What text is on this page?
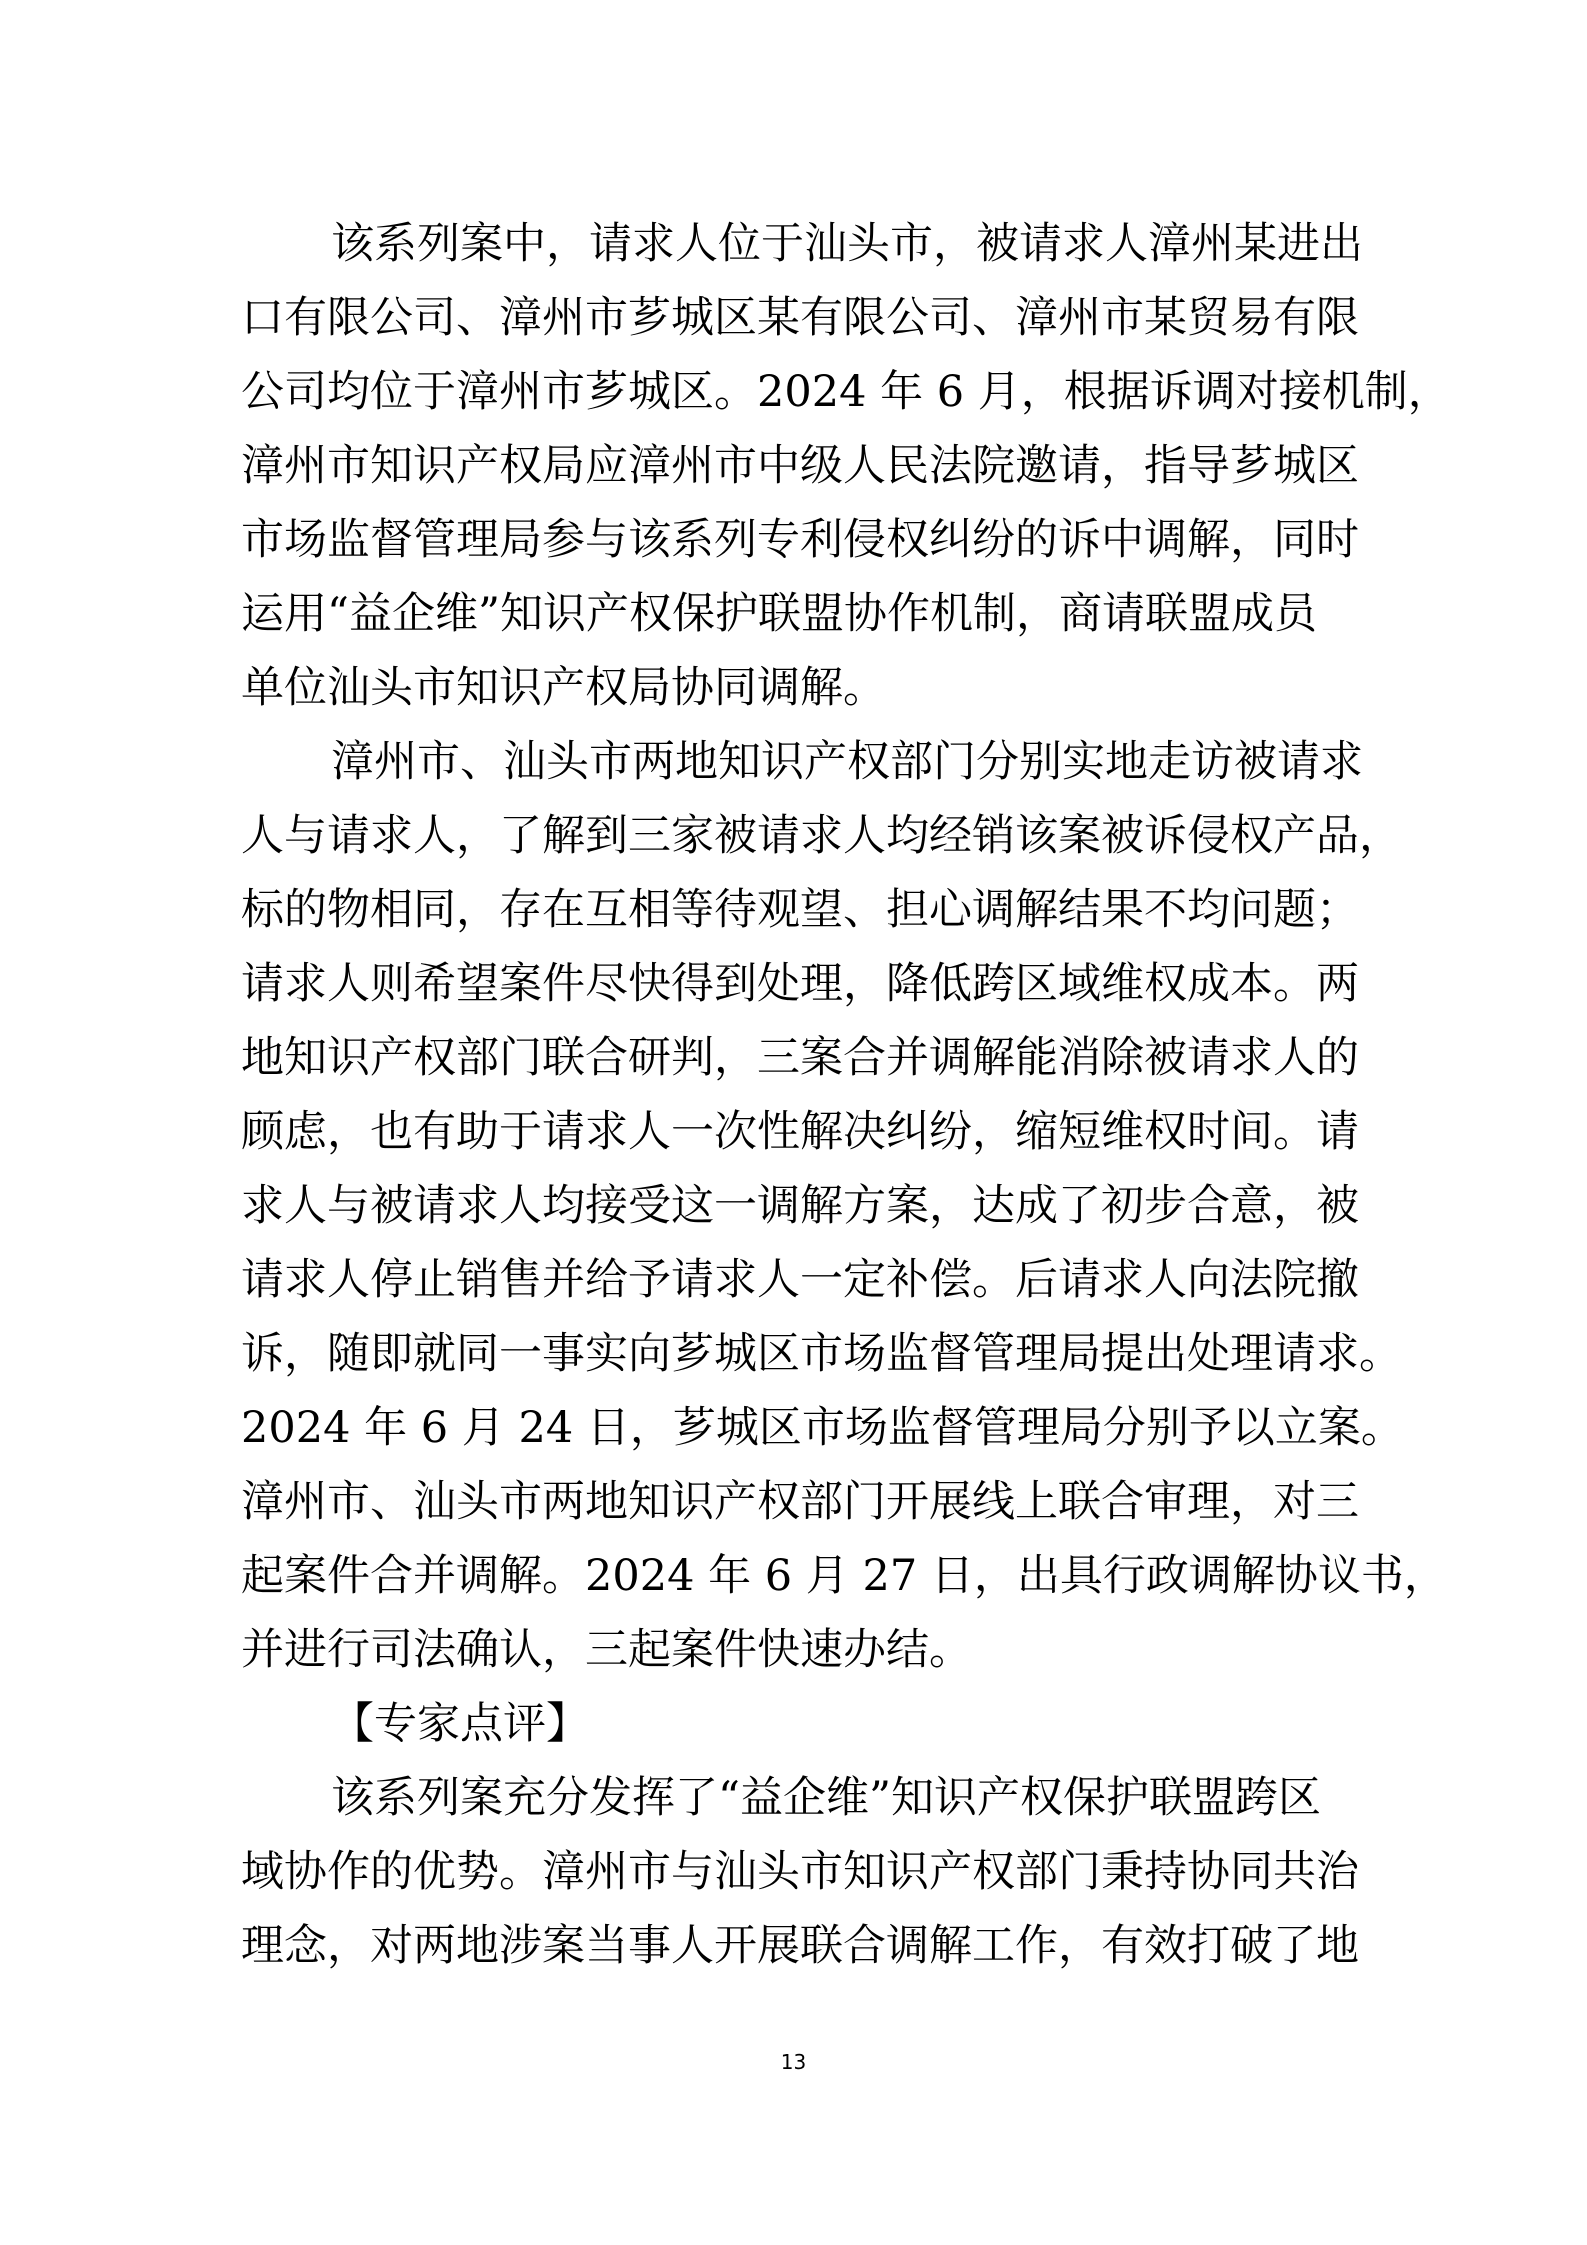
该系列案中，请求人位于汕头市，被请求人漳州某进出
口有限公司、漳州市芗城区某有限公司、漳州市某贸易有限
公司均位于漳州市芗城区。2024 年 6 月，根据诉调对接机制，
漳州市知识产权局应漳州市中级人民法院邀请，指导芗城区
市场监督管理局参与该系列专利侵权纠纷的诉中调解，同时
运用“益企维”知识产权保护联盟协作机制，商请联盟成员
单位汕头市知识产权局协同调解。
漳州市、汕头市两地知识产权部门分别实地走访被请求
人与请求人，了解到三家被请求人均经销该案被诉侵权产品，
标的物相同，存在互相等待观望、担心调解结果不均问题；
请求人则希望案件尽快得到处理，降低跨区域维权成本。两
地知识产权部门联合研判，三案合并调解能消除被请求人的
顾虑，也有助于请求人一次性解决纠纷，缩短维权时间。请
求人与被请求人均接受这一调解方案，达成了初步合意，被
请求人停止销售并给予请求人一定补偿。后请求人向法院撤
诉，随即就同一事实向芗城区市场监督管理局提出处理请求。
2024 年 6 月 24 日，芗城区市场监督管理局分别予以立案。
漳州市、汕头市两地知识产权部门开展线上联合审理，对三
起案件合并调解。2024 年 6 月 27 日，出具行政调解协议书，
并进行司法确认，三起案件快速办结。
【专家点评】
该系列案充分发挥了“益企维”知识产权保护联盟跨区
域协作的优势。漳州市与汕头市知识产权部门秉持协同共治
理念，对两地涉案当事人开展联合调解工作，有效打破了地
13
